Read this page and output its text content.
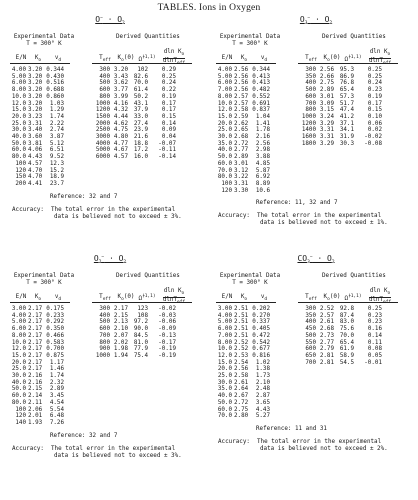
TABLES. Ions in Oxygen
$O^- \cdot O_2$
Experimental Data
T = 300° K
Derived Quantities
E/N	$K_o$	$v_d$	$T_{eff}$	$K_o(0)$ Ω̄$^{(1,1)}$	$\frac{dln K_o}{dlnT_{eff}}$
4.00 3.20 0.344
5.00 3.20 0.430
6.00 3.20 0.516
8.00 3.20 0.688
10.0 3.20 0.860
12.0 3.20	1.03
15.0 3.20	1.29
20.0 3.23	1.74
25.0 3.31	2.22
30.0 3.40	2.74
40.0 3.60	3.87
50.0 3.81	5.12
60.0 4.06	6.51
80.0 4.43	9.52
100 4.57	12.3
120 4.70	15.2
150 4.70	18.9
200 4.41	23.7
300 3.20	102	0.29
400 3.43 82.6	0.25
500 3.62 70.0	0.24
600 3.77 61.4	0.22
800 3.99 50.2	0.19
1000 4.16 43.1	0.17
1200 4.32 37.9	0.17
1500 4.44 33.0	0.15
2000 4.62 27.4	0.14
2500 4.75 23.9	0.09
3000 4.80 21.6	0.04
4000 4.77 18.8	-0.07
5000 4.67 17.2	-0.11
6000 4.57 16.0	-0.14
Reference: 32 and 7
Accuracy:  The total error in the experimental
data is believed not to exceed ± 3%.
$O_3^- \cdot O_2$
Experimental Data
T = 300° K
Derived Quantities
E/N	$K_o$	$v_d$	$T_{eff}$	$K_o(0)$ Ω̄$^{(1,1)}$	$\frac{dln K_o}{dlnT_{eff}}$
4.00 2.56 0.344
5.00 2.56 0.413
6.00 2.56 0.413
7.00 2.56 0.482
8.00 2.57 0.552
10.0 2.57 0.691
12.0 2.58 0.837
15.0 2.59	1.04
20.0 2.62	1.41
25.0 2.65	1.78
30.0 2.68	2.16
35.0 2.72	2.56
40.0 2.77	2.98
50.0 2.89	3.88
60.0 3.01	4.85
70.0 3.12	5.87
80.0 3.22	6.92
100 3.31	8.89
120 3.30	10.6
300 2.56 95.3	0.25
350 2.66 86.9	0.25
400 2.75 76.8	0.24
500 2.89 65.4	0.23
600 3.01 57.3	0.19
700 3.09 51.7	0.17
800 3.15 47.4	0.15
1000 3.24 41.2	0.10
1200 3.29 37.1	0.06
1400 3.31 34.1	0.02
1600 3.31 31.9	-0.02
1800 3.29 30.3	-0.08
Reference: 11, 32 and 7
Accuracy:  The total error in the experimental
data is believed not to exceed ± 1%.
$O_2^- \cdot O_2$
Experimental Data
T = 300° K
Derived Quantities
E/N	$K_o$	$v_d$	$T_{eff}$	$K_o(0)$ Ω̄$^{(1,1)}$	$\frac{dln K_o}{dlnT_{eff}}$
3.00 2.17 0.175
4.00 2.17 0.233
5.00 2.17 0.292
6.00 2.17 0.350
8.00 2.17 0.466
10.0 2.17 0.583
12.0 2.17 0.700
15.0 2.17 0.875
20.0 2.17	1.17
25.0 2.17	1.46
30.0 2.16	1.74
40.0 2.16	2.32
50.0 2.15	2.89
60.0 2.14	3.45
80.0 2.11	4.54
100 2.06	5.54
120 2.01	6.48
140 1.93	7.26
300 2.17	123	-0.02
400 2.15	108	-0.03
500 2.13 97.2	-0.06
600 2.10 90.0	-0.09
700 2.07 84.5	-0.13
800 2.02 81.0	-0.17
900 1.98 77.9	-0.19
1000 1.94 75.4	-0.19
Reference: 32 and 7
Accuracy:  The total error in the experimental
data is believed not to exceed ± 3%.
$CO_3^- \cdot O_2$
Experimental Data
T = 300° K
Derived Quantities
E/N	$K_o$	$v_d$	$T_{eff}$	$K_o(0)$ Ω̄$^{(1,1)}$	$\frac{dln K_o}{dlnT_{eff}}$
3.00 2.51 0.202
4.00 2.51 0.270
5.00 2.51 0.337
6.00 2.51 0.405
7.00 2.51 0.472
8.00 2.52 0.542
10.0 2.52 0.677
12.0 2.53 0.816
15.0 2.54	1.02
20.0 2.56	1.38
25.0 2.58	1.73
30.0 2.61	2.10
35.0 2.64	2.48
40.0 2.67	2.87
50.0 2.72	3.65
60.0 2.75	4.43
70.0 2.80	5.27
300 2.52 92.8	0.25
350 2.57 87.4	0.23
400 2.61 83.0	0.23
450 2.68 75.6	0.16
500 2.73 70.0	0.14
550 2.77 65.4	0.11
600 2.79 61.9	0.08
650 2.81 58.9	0.05
700 2.81 54.5	-0.01
Reference: 11 and 31
Accuracy:  The total error in the experimental
data is believed not to exceed ± 2%.
